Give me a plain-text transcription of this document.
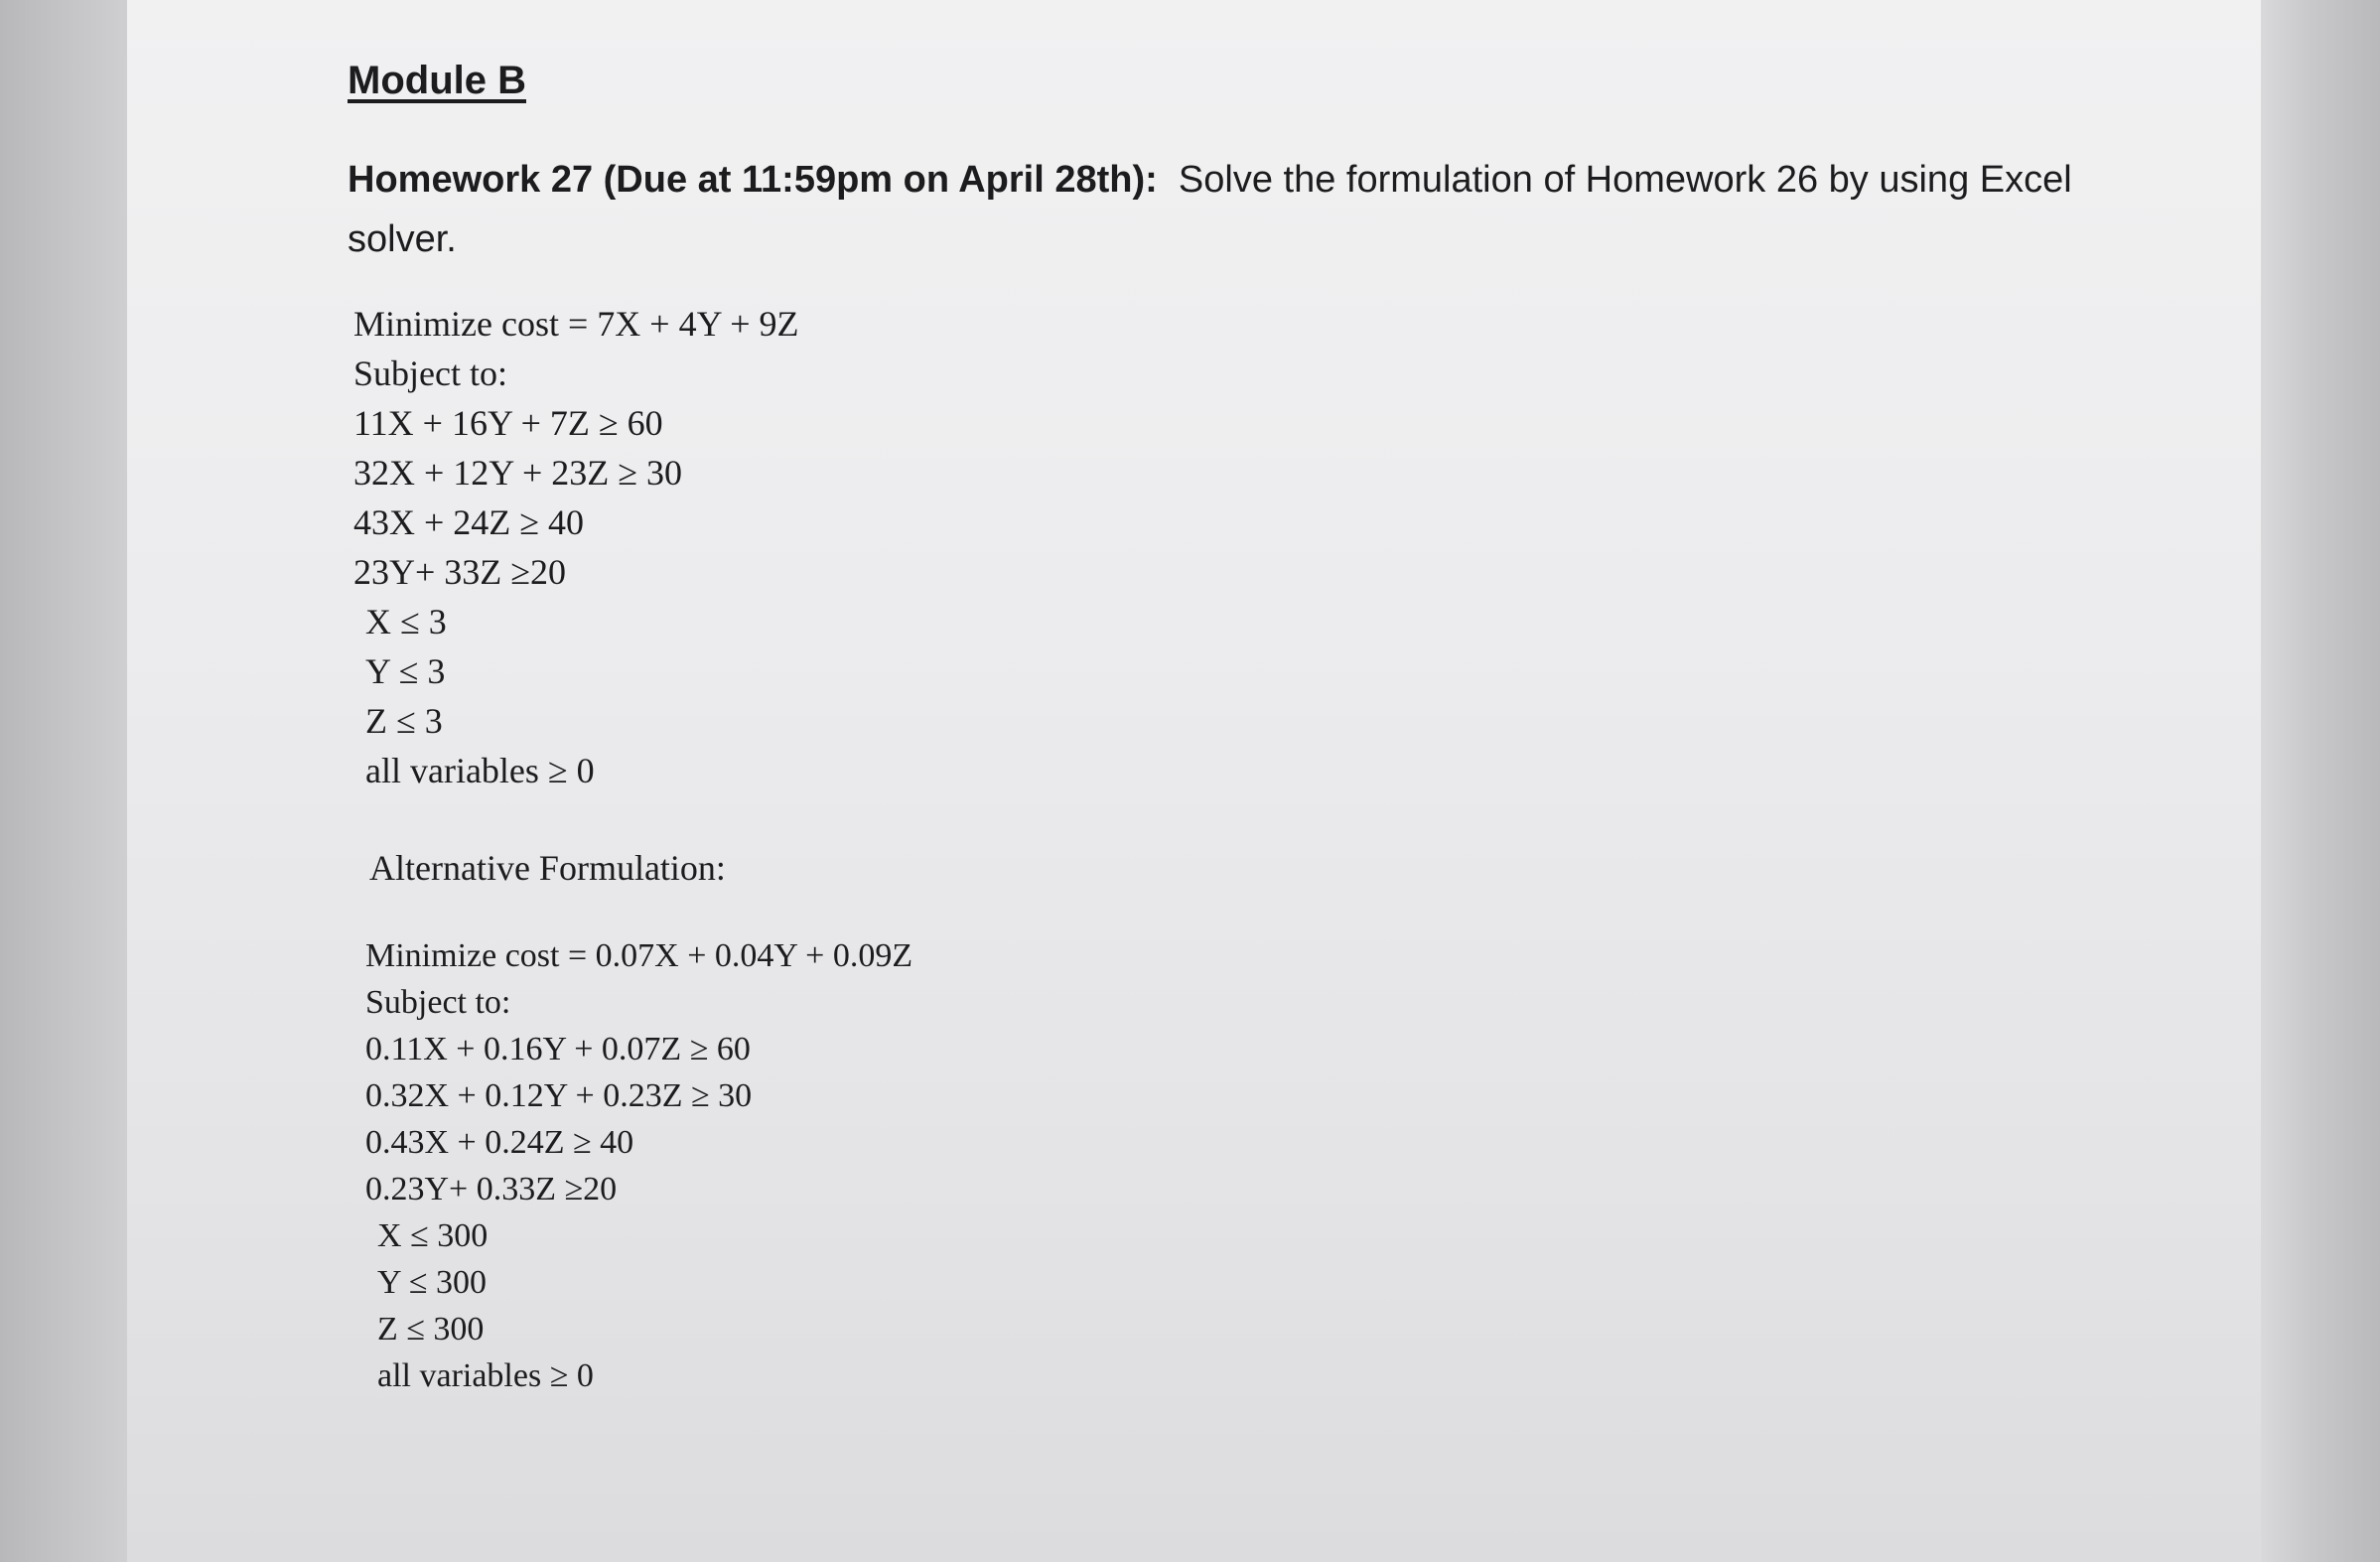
Module B
Homework 27 (Due at 11:59pm on April 28th): Solve the formulation of Homework 26 by using Excel solver.
Minimize cost = 7X + 4Y + 9Z
Subject to:
11X + 16Y + 7Z ≥ 60
32X + 12Y + 23Z ≥ 30
43X + 24Z ≥ 40
23Y+ 33Z ≥20
X ≤ 3
Y ≤ 3
Z ≤ 3
all variables ≥ 0
Alternative Formulation:
Minimize cost = 0.07X + 0.04Y + 0.09Z
Subject to:
0.11X + 0.16Y + 0.07Z ≥ 60
0.32X + 0.12Y + 0.23Z ≥ 30
0.43X + 0.24Z ≥ 40
0.23Y+ 0.33Z ≥20
X ≤ 300
Y ≤ 300
Z ≤ 300
all variables ≥ 0
